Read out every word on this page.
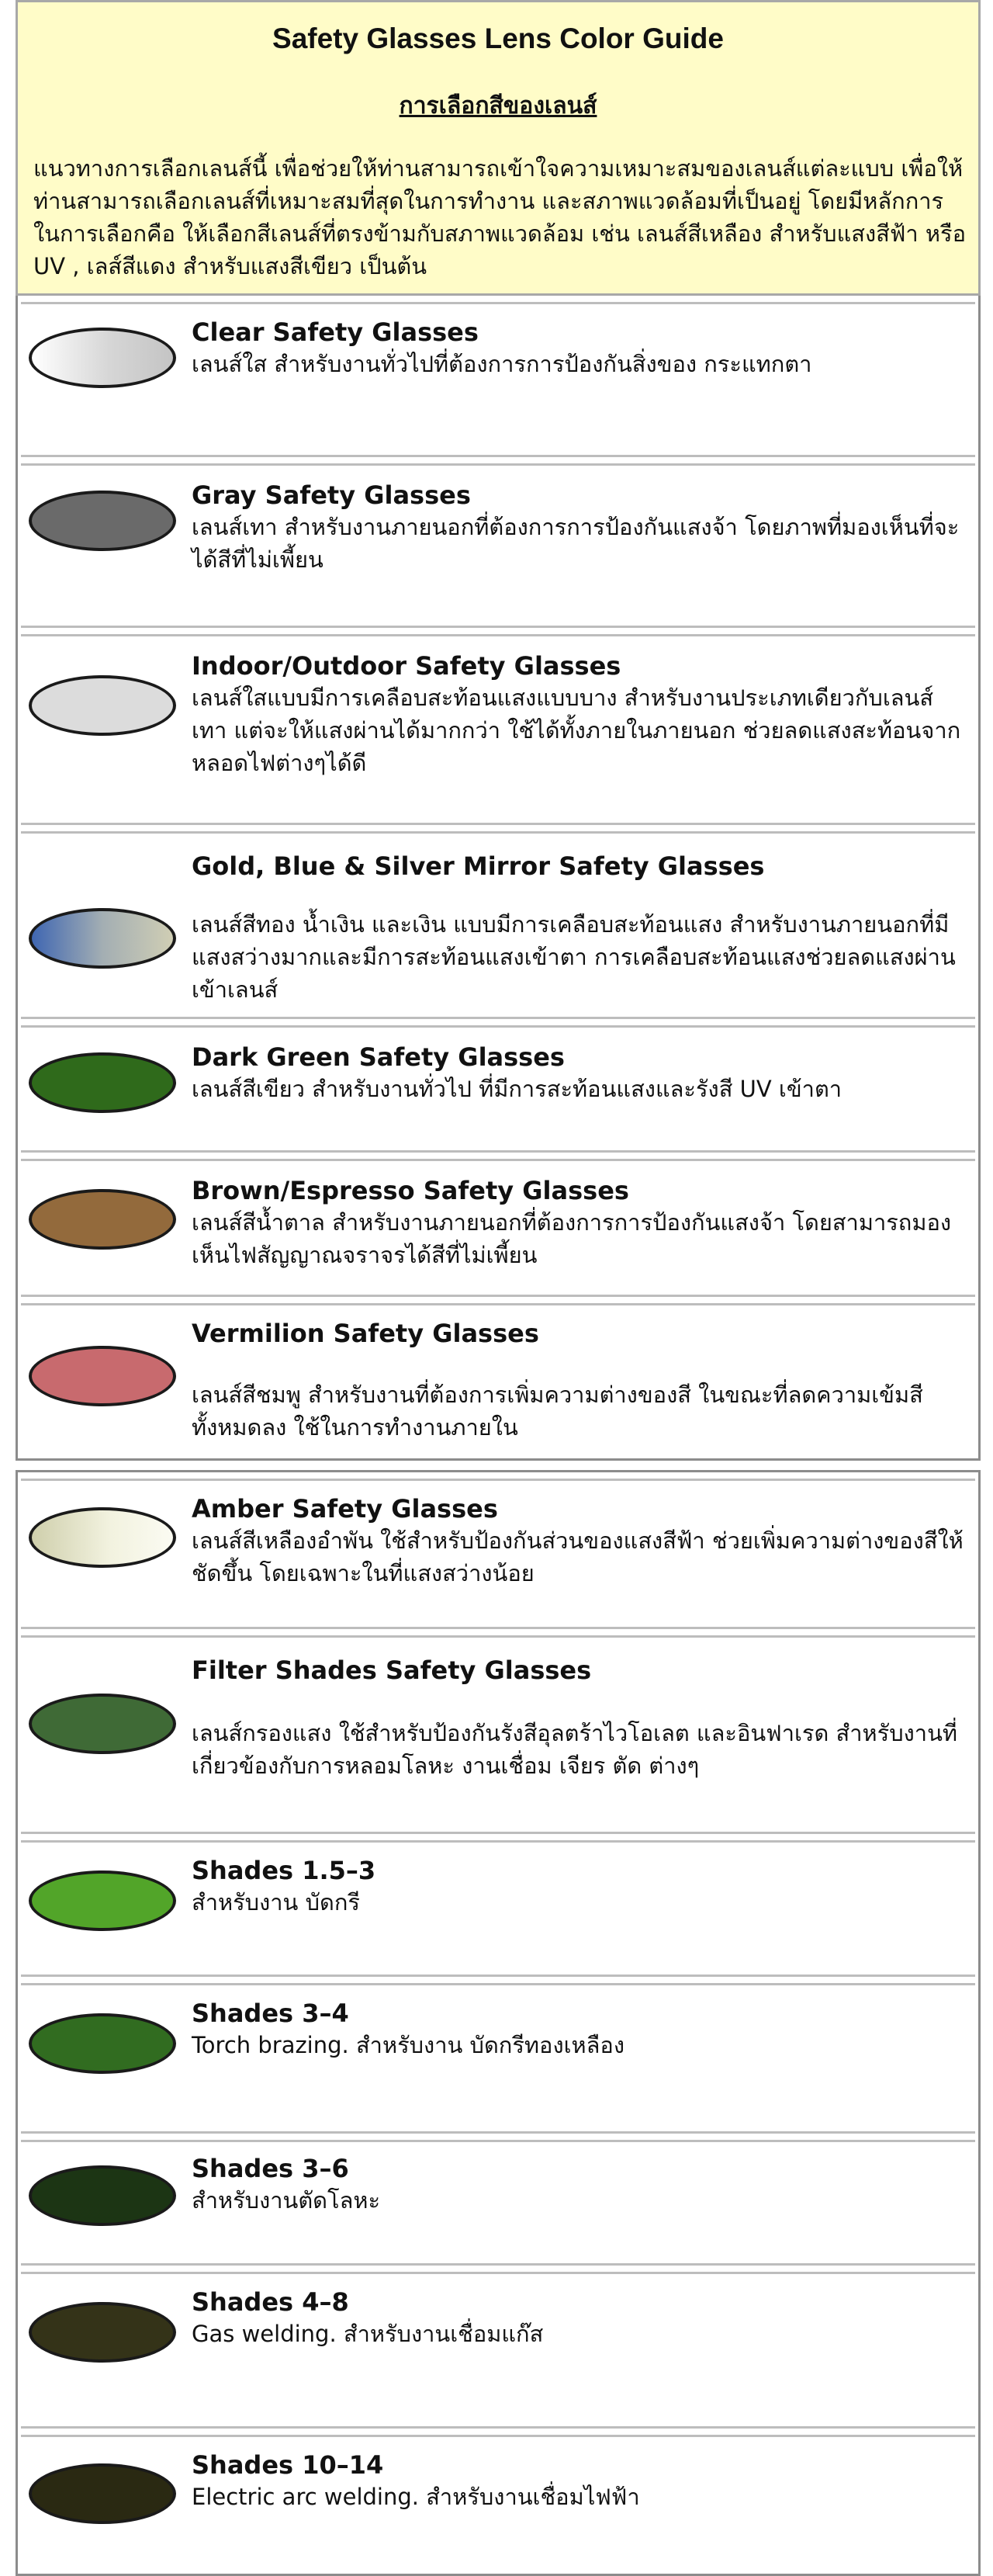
Safety Glasses Lens Color Guide
การเลือกสีของเลนส์

แนวทางการเลือกเลนส์นี้ เพื่อช่วยให้ท่านสามารถเข้าใจความเหมาะสมของเลนส์แต่ละแบบ เพื่อให้ท่านสามารถเลือกเลนส์ที่เหมาะสมที่สุดในการทำงาน และสภาพแวดล้อมที่เป็นอยู่ โดยมีหลักการในการเลือกคือ ให้เลือกสีเลนส์ที่ตรงข้ามกับสภาพแวดล้อม เช่น เลนส์สีเหลือง สำหรับแสงสีฟ้า หรือ UV , เลส์สีแดง สำหรับแสงสีเขียว เป็นต้น

Clear Safety Glasses
เลนส์ใส สำหรับงานทั่วไปที่ต้องการการป้องกันสิ่งของ กระแทกตา
Gray Safety Glasses
เลนส์เทา สำหรับงานภายนอกที่ต้องการการป้องกันแสงจ้า โดยภาพที่มองเห็นที่จะได้สีที่ไม่เพี้ยน
Indoor/Outdoor Safety Glasses
เลนส์ใสแบบมีการเคลือบสะท้อนแสงแบบบาง สำหรับงานประเภทเดียวกับเลนส์เทา แต่จะให้แสงผ่านได้มากกว่า ใช้ได้ทั้งภายในภายนอก ช่วยลดแสงสะท้อนจากหลอดไฟต่างๆได้ดี
Gold, Blue & Silver Mirror Safety Glasses
เลนส์สีทอง น้ำเงิน และเงิน แบบมีการเคลือบสะท้อนแสง สำหรับงานภายนอกที่มีแสงสว่างมากและมีการสะท้อนแสงเข้าตา การเคลือบสะท้อนแสงช่วยลดแสงผ่านเข้าเลนส์
Dark Green Safety Glasses
เลนส์สีเขียว สำหรับงานทั่วไป ที่มีการสะท้อนแสงและรังสี UV เข้าตา
Brown/Espresso Safety Glasses
เลนส์สีน้ำตาล สำหรับงานภายนอกที่ต้องการการป้องกันแสงจ้า โดยสามารถมองเห็นไฟสัญญาณจราจรได้สีที่ไม่เพี้ยน
Vermilion Safety Glasses
เลนส์สีชมพู สำหรับงานที่ต้องการเพิ่มความต่างของสี ในขณะที่ลดความเข้มสีทั้งหมดลง ใช้ในการทำงานภายใน
Amber Safety Glasses
เลนส์สีเหลืองอำพัน ใช้สำหรับป้องกันส่วนของแสงสีฟ้า ช่วยเพิ่มความต่างของสีให้ชัดขึ้น โดยเฉพาะในที่แสงสว่างน้อย
Filter Shades Safety Glasses
เลนส์กรองแสง ใช้สำหรับป้องกันรังสีอุลตร้าไวโอเลต และอินฟาเรด สำหรับงานที่เกี่ยวข้องกับการหลอมโลหะ งานเชื่อม เจียร ตัด ต่างๆ
Shades 1.5–3
สำหรับงาน บัดกรี
Shades 3–4
Torch brazing. สำหรับงาน บัดกรีทองเหลือง
Shades 3–6
สำหรับงานตัดโลหะ
Shades 4–8
Gas welding. สำหรับงานเชื่อมแก๊ส
Shades 10–14
Electric arc welding. สำหรับงานเชื่อมไฟฟ้า
